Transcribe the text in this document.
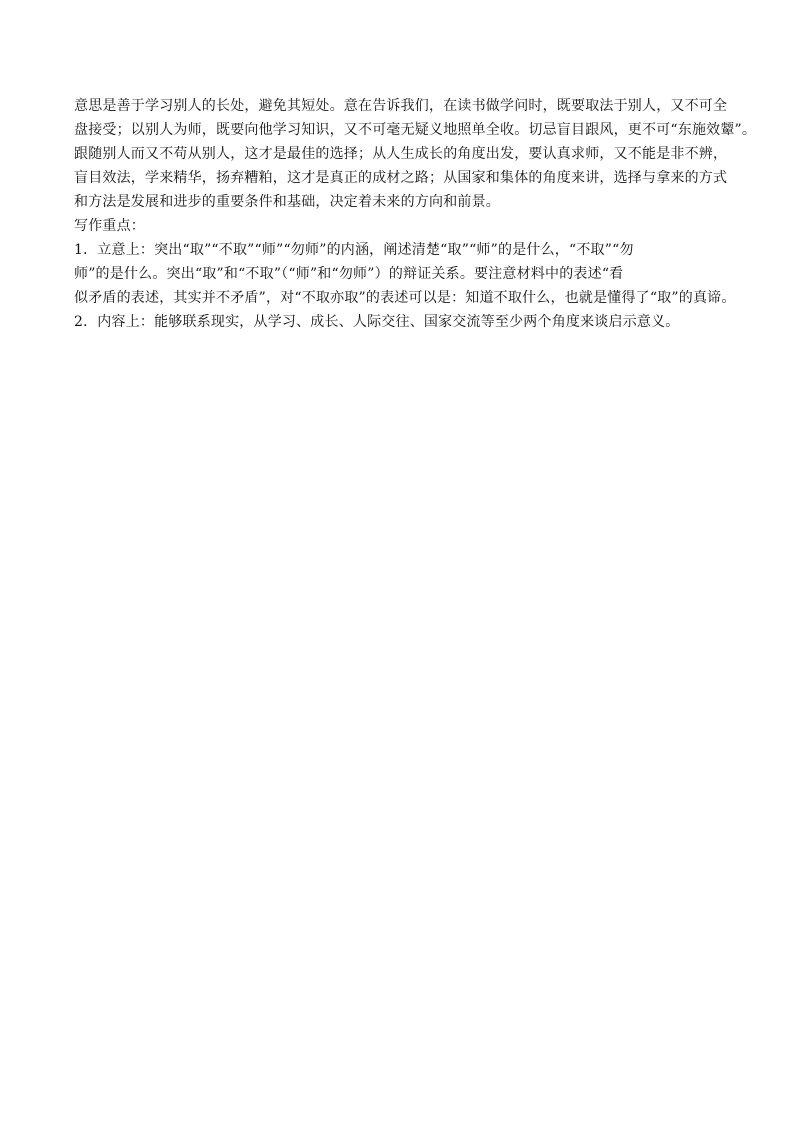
意思是善于学习别人的长处，避免其短处。意在告诉我们，在读书做学问时，既要取法于别人，又不可全
盘接受；以别人为师，既要向他学习知识，又不可毫无疑义地照单全收。切忌盲目跟风，更不可“东施效颦”。
跟随别人而又不苟从别人，这才是最佳的选择；从人生成长的角度出发，要认真求师，又不能是非不辨，
盲目效法，学来精华，扬弃糟粕，这才是真正的成材之路；从国家和集体的角度来讲，选择与拿来的方式
和方法是发展和进步的重要条件和基础，决定着未来的方向和前景。
写作重点：
1．立意上：突出“取”“不取”“师”“勿师”的内涵，阐述清楚“取”“师”的是什么，“不取”“勿
师”的是什么。突出“取”和“不取”（“师”和“勿师”）的辩证关系。要注意材料中的表述“看
似矛盾的表述，其实并不矛盾”，对“不取亦取”的表述可以是：知道不取什么，也就是懂得了“取”的真谛。
2．内容上：能够联系现实，从学习、成长、人际交往、国家交流等至少两个角度来谈启示意义。
